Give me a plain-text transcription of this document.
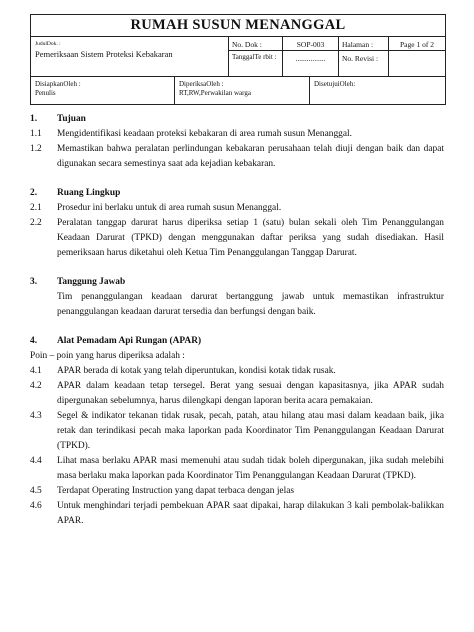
RUMAH SUSUN MENANGGAL
JudulDok. :
Pemeriksaan Sistem Proteksi Kebakaran
No. Dok :	SOP-003	Halaman :	Page 1 of 2
TanggalTe rbit :	................	No. Revisi :
DisiapkanOleh :
Penulis
DiperiksaOleh :
RT,RW,Perwakilan warga
DisetujuiOleh:
1.	Tujuan
1.1	Mengidentifikasi keadaan proteksi kebakaran di area rumah susun Menanggal.
1.2	Memastikan bahwa peralatan perlindungan kebakaran perusahaan telah diuji dengan baik dan dapat digunakan secara semestinya saat ada kejadian kebakaran.
2.	Ruang Lingkup
2.1	Prosedur ini berlaku untuk di area rumah susun Menanggal.
2.2	Peralatan tanggap darurat harus diperiksa setiap 1 (satu) bulan sekali oleh Tim Penanggulangan Keadaan Darurat (TPKD) dengan menggunakan daftar periksa yang sudah disediakan. Hasil pemeriksaan harus diketahui oleh Ketua Tim Penanggulangan Tanggap Darurat.
3.	Tanggung Jawab
Tim penanggulangan keadaan darurat bertanggung jawab untuk memastikan infrastruktur penanggulangan keadaan darurat tersedia dan berfungsi dengan baik.
4.	Alat Pemadam Api Rungan (APAR)
Poin – poin yang harus diperiksa adalah :
4.1	APAR berada di kotak yang telah diperuntukan, kondisi kotak tidak rusak.
4.2	APAR dalam keadaan tetap tersegel. Berat yang sesuai dengan kapasitasnya, jika APAR sudah dipergunakan sebelumnya, harus dilengkapi dengan laporan berita acara pemakaian.
4.3	Segel & indikator tekanan tidak rusak, pecah, patah, atau hilang atau masi dalam keadaan baik, jika retak dan terindikasi pecah maka laporkan pada Koordinator Tim Penanggulangan Keadaan Darurat (TPKD).
4.4	Lihat masa berlaku APAR masi memenuhi atau sudah tidak boleh dipergunakan, jika sudah melebihi masa berlaku maka laporkan pada Koordinator Tim Penanggulangan Keadaan Darurat (TPKD).
4.5	Terdapat Operating Instruction yang dapat terbaca dengan jelas
4.6	Untuk menghindari terjadi pembekuan APAR saat dipakai, harap dilakukan 3 kali pembolak-balikkan APAR.
